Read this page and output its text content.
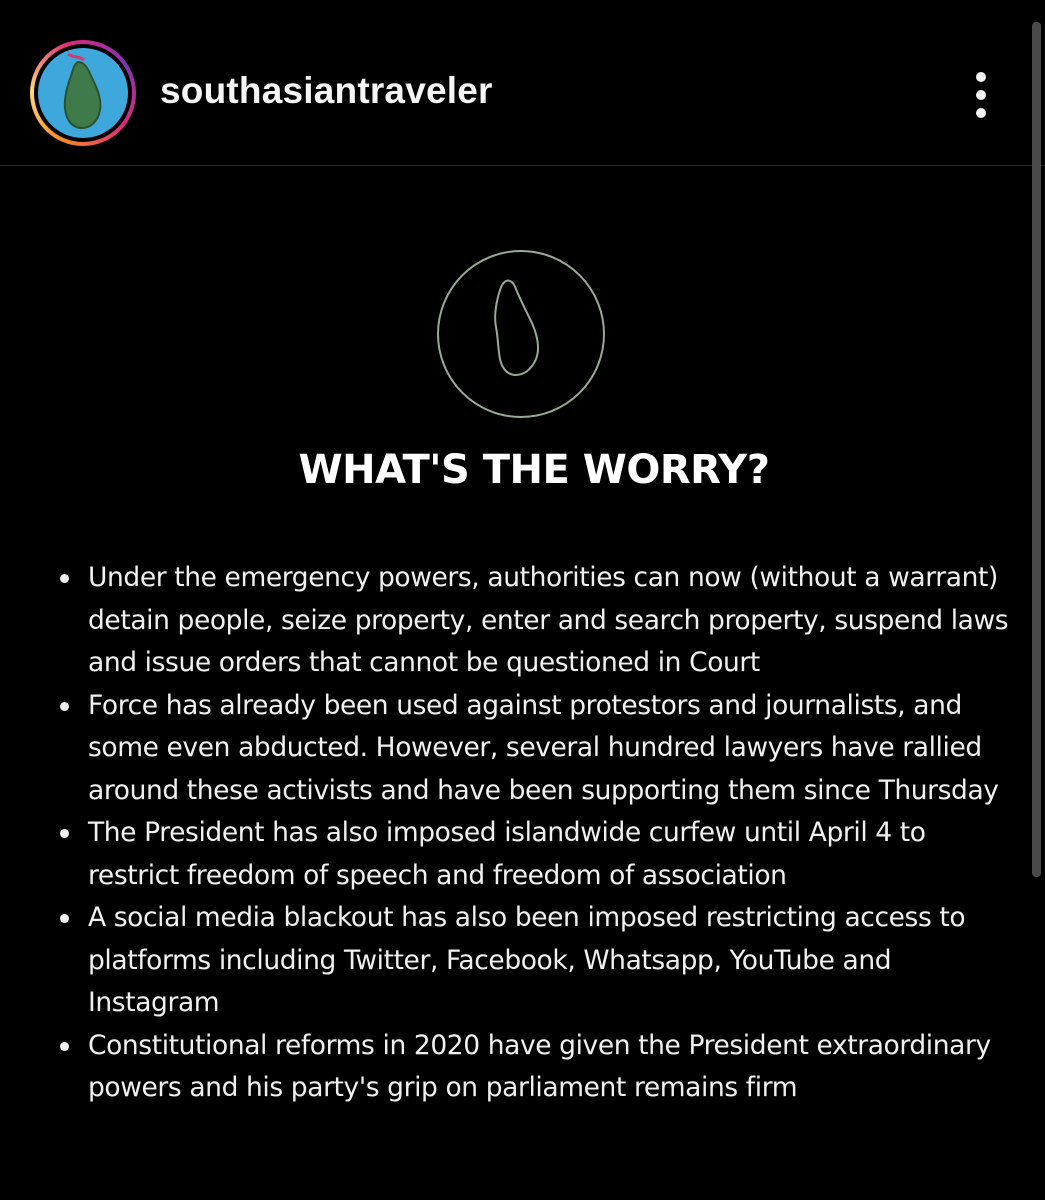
southasiantraveler
WHAT'S THE WORRY?
Under the emergency powers, authorities can now (without a warrant) detain people, seize property, enter and search property, suspend laws and issue orders that cannot be questioned in Court
Force has already been used against protestors and journalists, and some even abducted. However, several hundred lawyers have rallied around these activists and have been supporting them since Thursday
The President has also imposed islandwide curfew until April 4 to restrict freedom of speech and freedom of association
A social media blackout has also been imposed restricting access to platforms including Twitter, Facebook, Whatsapp, YouTube and Instagram
Constitutional reforms in 2020 have given the President extraordinary powers and his party's grip on parliament remains firm
